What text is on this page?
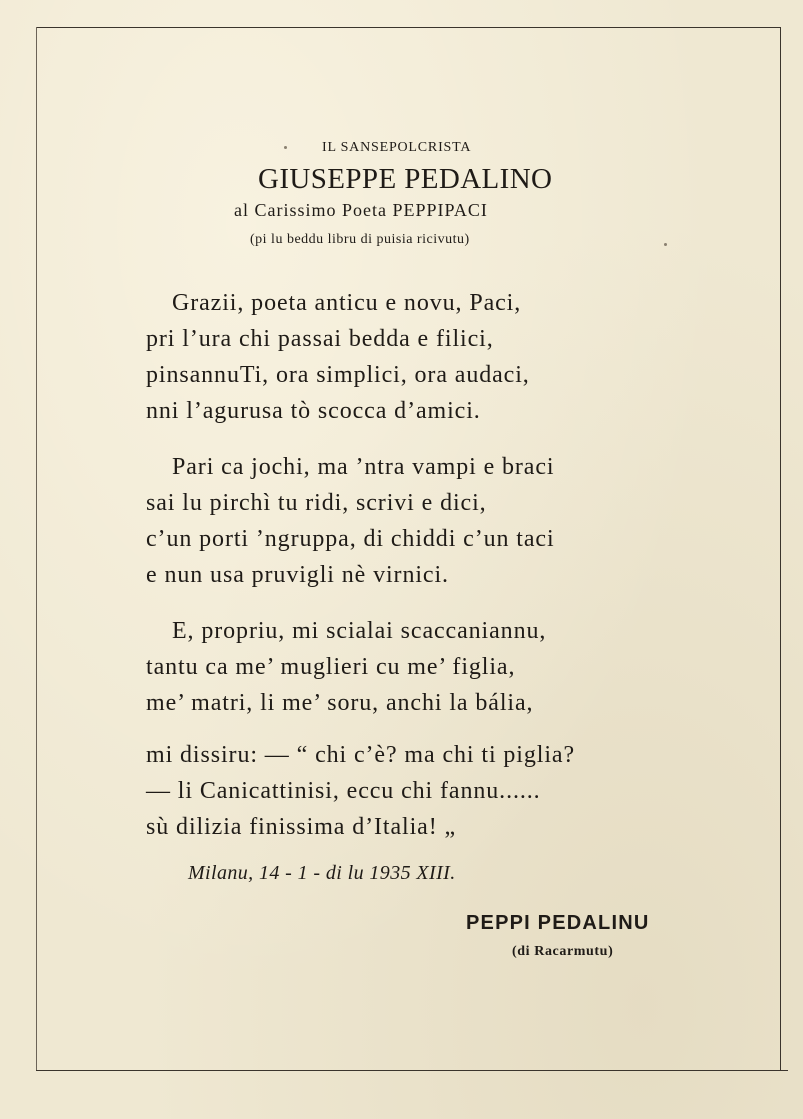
IL SANSEPOLCRISTA
GIUSEPPE PEDALINO
al Carissimo Poeta PEPPIPACI
(pi lu beddu libru di puisia ricivutu)
Grazii, poeta anticu e novu, Paci,
pri l’ura chi passai bedda e filici,
pinsannuTi, ora simplici, ora audaci,
nni l’agurusa tò scocca d’amici.
Pari ca jochi, ma ’ntra vampi e braci
sai lu pirchì tu ridi, scrivi e dici,
c’un porti ’ngruppa, di chiddi c’un taci
e nun usa pruvigli nè virnici.
E, propriu, mi scialai scaccaniannu,
tantu ca me’ muglieri cu me’ figlia,
me’ matri, li me’ soru, anchi la bália,
mi dissiru: — “ chi c’è? ma chi ti piglia?
— li Canicattinisi, eccu chi fannu......
sù dilizia finissima d’Italia! „
Milanu, 14 - 1 - di lu 1935 XIII.
PEPPI PEDALINU
(di Racarmutu)
